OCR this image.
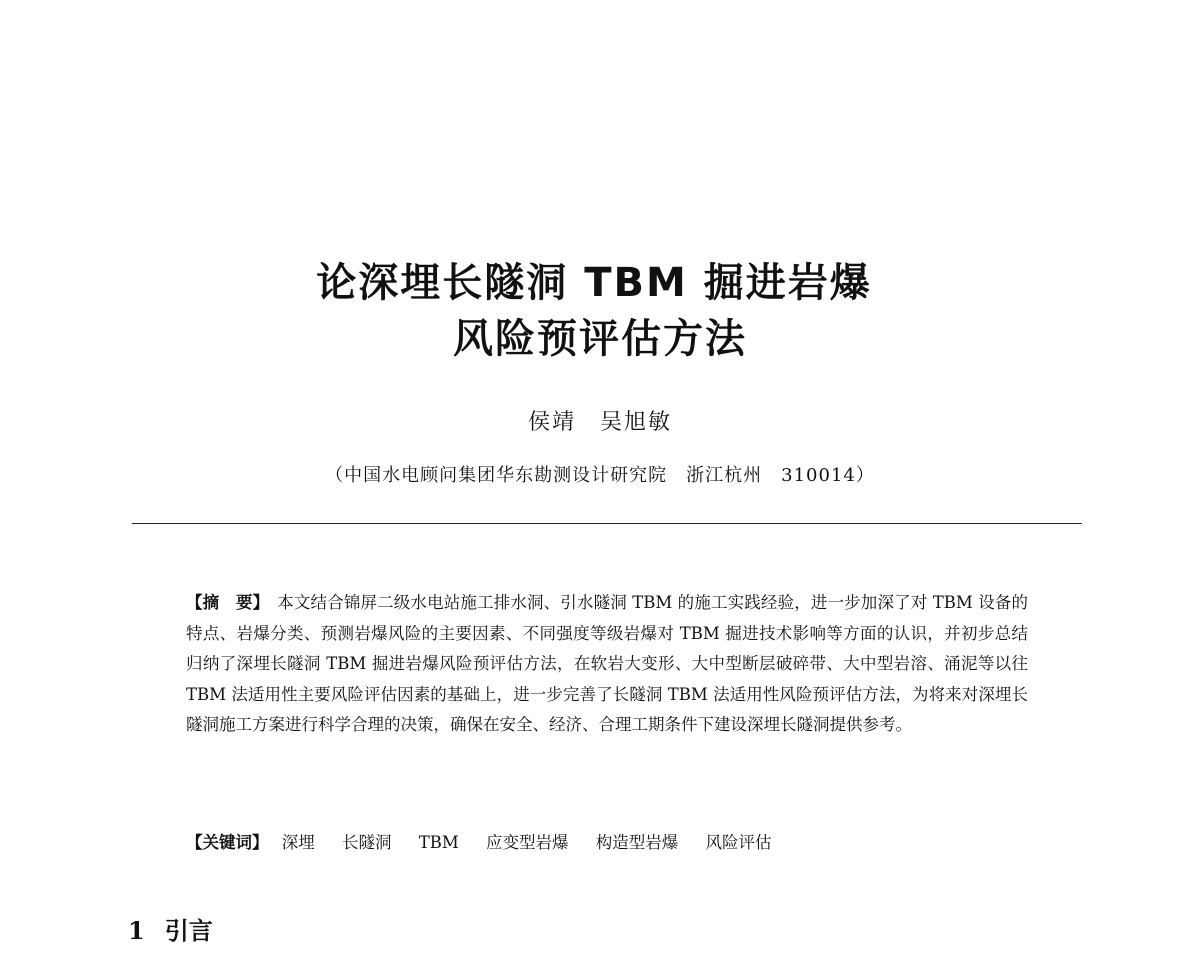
论深埋长隧洞 TBM 掘进岩爆
风险预评估方法
侯靖　吴旭敏
（中国水电顾问集团华东勘测设计研究院　浙江杭州　310014）
【摘　要】 本文结合锦屏二级水电站施工排水洞、引水隧洞 TBM 的施工实践经验，进一步加深了对 TBM 设备的特点、岩爆分类、预测岩爆风险的主要因素、不同强度等级岩爆对 TBM 掘进技术影响等方面的认识，并初步总结归纳了深埋长隧洞 TBM 掘进岩爆风险预评估方法，在软岩大变形、大中型断层破碎带、大中型岩溶、涌泥等以往 TBM 法适用性主要风险评估因素的基础上，进一步完善了长隧洞 TBM 法适用性风险预评估方法，为将来对深埋长隧洞施工方案进行科学合理的决策，确保在安全、经济、合理工期条件下建设深埋长隧洞提供参考。
【关键词】 深埋 长隧洞 TBM 应变型岩爆 构造型岩爆 风险评估
1 引言
